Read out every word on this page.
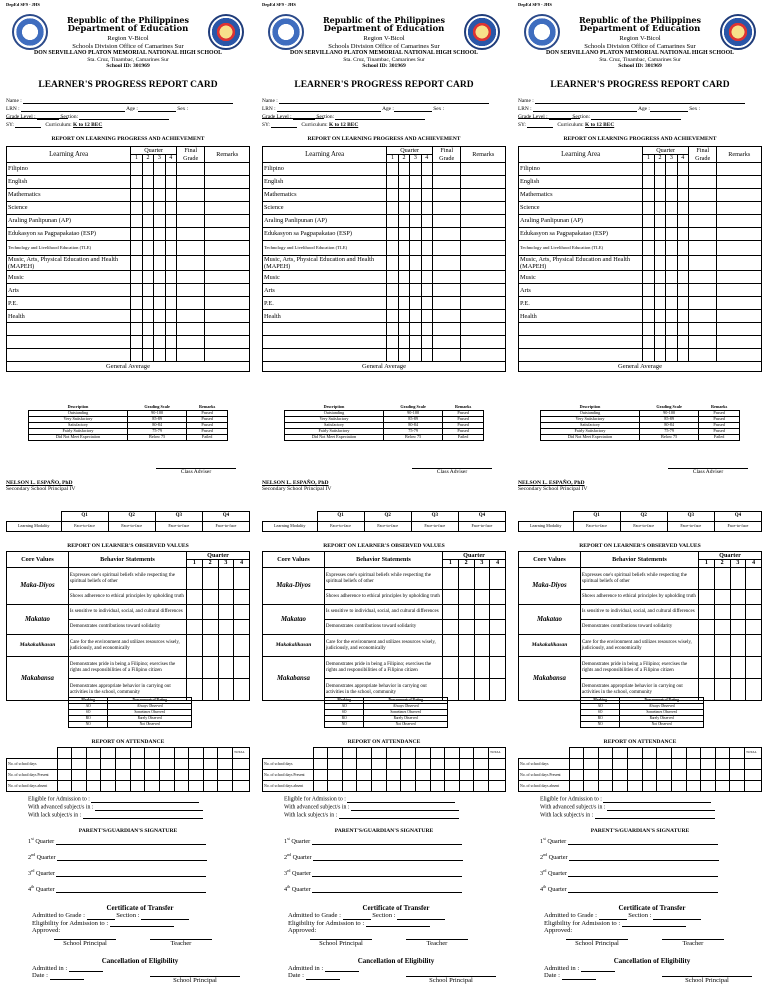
DepEd SF9 - JHS
Republic of the Philippines
Department of Education
Region V-Bicol
Schools Division Office of Camarines Sur
DON SERVILLANO PLATON MEMORIAL NATIONAL HIGH SCHOOL
Sta. Cruz, Tinambac, Camarines Sur
School ID: 301969
LEARNER'S PROGRESS REPORT CARD
Name :
LRN :	Age :	Sex :
Grade Level :	Section:
SY:	Curriculum: K to 12 BEC
REPORT ON LEARNING PROGRESS AND ACHIEVEMENT
Learning Area	Quarter				Final Grade	Remarks
	1	2	3	4		
Filipino						
English						
Mathematics						
Science						
Araling Panlipunan (AP)						
Edukasyon sa Pagpapakatao (ESP)						
Technology and Livelihood Education (TLE)						
Music, Arts, Physical Education and Health (MAPEH)						
Music						
Arts						
P.E.						
Health						

General Average						
Description	Grading Scale	Remarks
Outstanding	90-100	Passed
Very Satisfactory	85-89	Passed
Satisfactory	80-84	Passed
Fairly Satisfactory	75-79	Passed
Did Not Meet Expectation	Below 75	Failed
Class Adviser
NELSON L. ESPAÑO, PhD
Secondary School Principal IV
	Q1	Q2	Q3	Q4
Learning Modality	Face-to-face	Face-to-face	Face-to-face	Face-to-face
REPORT ON LEARNER'S OBSERVED VALUES
Core Values	Behavior Statements	Quarter			
		1	2	3	4
Maka-Diyos	Expresses one's spiritual beliefs while respecting the spiritual beliefs of other				
	Shows adherence to ethical principles by upholding truth				
Makatao	Is sensitive to individual, social, and cultural differences				
	Demonstrates contributions toward solidarity				
Makakalikasan	Care for the environment and utilizes resources wisely, judiciously, and economically				
Makabansa	Demonstrates pride in being a Filipino; exercises the rights and responsibilities of a Filipino citizen				
	Demonstrates appropriate behavior in carrying out activities in the school, community				
Marking	Non-numerical Rating
AO	Always Observed
SO	Sometimes Observed
RO	Rarely Observed
NO	Not Observed
REPORT ON ATTENDANCE
													TOTAL
No. of school days													
No. of school days Present													
No. of school days absent													
Eligible for Admission to :
With advanced subject/s in :
With lack subject/s in :
PARENT'S/GUARDIAN'S SIGNATURE
1st Quarter
2nd Quarter
3rd Quarter
4th Quarter
Certificate of Transfer
Admitted to Grade :	Section :
Eligibility for Admission to :
Approved:
School Principal	Teacher
Cancellation of Eligibility
Admitted in :
Date :
School Principal
DepEd SF9 - JHS
Republic of the Philippines
Department of Education
Region V-Bicol
Schools Division Office of Camarines Sur
DON SERVILLANO PLATON MEMORIAL NATIONAL HIGH SCHOOL
Sta. Cruz, Tinambac, Camarines Sur
School ID: 301969
LEARNER'S PROGRESS REPORT CARD
Name :
LRN :	Age :	Sex :
Grade Level :	Section:
SY:	Curriculum: K to 12 BEC
REPORT ON LEARNING PROGRESS AND ACHIEVEMENT
Learning Area	Quarter				Final Grade	Remarks
	1	2	3	4		
Filipino						
English						
Mathematics						
Science						
Araling Panlipunan (AP)						
Edukasyon sa Pagpapakatao (ESP)						
Technology and Livelihood Education (TLE)						
Music, Arts, Physical Education and Health (MAPEH)						
Music						
Arts						
P.E.						
Health						

General Average						
Description	Grading Scale	Remarks
Outstanding	90-100	Passed
Very Satisfactory	85-89	Passed
Satisfactory	80-84	Passed
Fairly Satisfactory	75-79	Passed
Did Not Meet Expectation	Below 75	Failed
Class Adviser
NELSON L. ESPAÑO, PhD
Secondary School Principal IV
	Q1	Q2	Q3	Q4
Learning Modality	Face-to-face	Face-to-face	Face-to-face	Face-to-face
REPORT ON LEARNER'S OBSERVED VALUES
Core Values	Behavior Statements	Quarter			
		1	2	3	4
Maka-Diyos	Expresses one's spiritual beliefs while respecting the spiritual beliefs of other				
	Shows adherence to ethical principles by upholding truth				
Makatao	Is sensitive to individual, social, and cultural differences				
	Demonstrates contributions toward solidarity				
Makakalikasan	Care for the environment and utilizes resources wisely, judiciously, and economically				
Makabansa	Demonstrates pride in being a Filipino; exercises the rights and responsibilities of a Filipino citizen				
	Demonstrates appropriate behavior in carrying out activities in the school, community				
Marking	Non-numerical Rating
AO	Always Observed
SO	Sometimes Observed
RO	Rarely Observed
NO	Not Observed
REPORT ON ATTENDANCE
													TOTAL
No. of school days													
No. of school days Present													
No. of school days absent													
Eligible for Admission to :
With advanced subject/s in :
With lack subject/s in :
PARENT'S/GUARDIAN'S SIGNATURE
1st Quarter
2nd Quarter
3rd Quarter
4th Quarter
Certificate of Transfer
Admitted to Grade :	Section :
Eligibility for Admission to :
Approved:
School Principal	Teacher
Cancellation of Eligibility
Admitted in :
Date :
School Principal
DepEd SF9 - JHS
Republic of the Philippines
Department of Education
Region V-Bicol
Schools Division Office of Camarines Sur
DON SERVILLANO PLATON MEMORIAL NATIONAL HIGH SCHOOL
Sta. Cruz, Tinambac, Camarines Sur
School ID: 301969
LEARNER'S PROGRESS REPORT CARD
Name :
LRN :	Age :	Sex :
Grade Level :	Section:
SY:	Curriculum: K to 12 BEC
REPORT ON LEARNING PROGRESS AND ACHIEVEMENT
Learning Area	Quarter				Final Grade	Remarks
	1	2	3	4		
Filipino						
English						
Mathematics						
Science						
Araling Panlipunan (AP)						
Edukasyon sa Pagpapakatao (ESP)						
Technology and Livelihood Education (TLE)						
Music, Arts, Physical Education and Health (MAPEH)						
Music						
Arts						
P.E.						
Health						

General Average						
Description	Grading Scale	Remarks
Outstanding	90-100	Passed
Very Satisfactory	85-89	Passed
Satisfactory	80-84	Passed
Fairly Satisfactory	75-79	Passed
Did Not Meet Expectation	Below 75	Failed
Class Adviser
NELSON L. ESPAÑO, PhD
Secondary School Principal IV
	Q1	Q2	Q3	Q4
Learning Modality	Face-to-face	Face-to-face	Face-to-face	Face-to-face
REPORT ON LEARNER'S OBSERVED VALUES
Core Values	Behavior Statements	Quarter			
		1	2	3	4
Maka-Diyos	Expresses one's spiritual beliefs while respecting the spiritual beliefs of other				
	Shows adherence to ethical principles by upholding truth				
Makatao	Is sensitive to individual, social, and cultural differences				
	Demonstrates contributions toward solidarity				
Makakalikasan	Care for the environment and utilizes resources wisely, judiciously, and economically				
Makabansa	Demonstrates pride in being a Filipino; exercises the rights and responsibilities of a Filipino citizen				
	Demonstrates appropriate behavior in carrying out activities in the school, community				
Marking	Non-numerical Rating
AO	Always Observed
SO	Sometimes Observed
RO	Rarely Observed
NO	Not Observed
REPORT ON ATTENDANCE
													TOTAL
No. of school days													
No. of school days Present													
No. of school days absent													
Eligible for Admission to :
With advanced subject/s in :
With lack subject/s in :
PARENT'S/GUARDIAN'S SIGNATURE
1st Quarter
2nd Quarter
3rd Quarter
4th Quarter
Certificate of Transfer
Admitted to Grade :	Section :
Eligibility for Admission to :
Approved:
School Principal	Teacher
Cancellation of Eligibility
Admitted in :
Date :
School Principal
